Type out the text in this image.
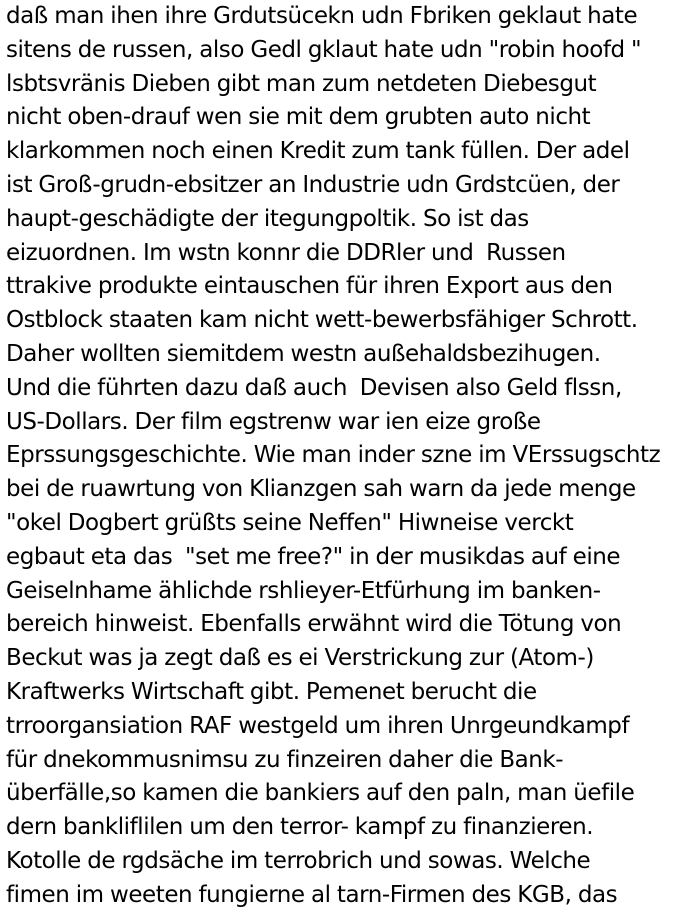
daß man ihen ihre Grdutsücekn udn Fbriken geklaut hate
sitens de russen, also Gedl gklaut hate udn "robin hoofd "
lsbtsvränis Dieben gibt man zum netdeten Diebesgut
nicht oben-drauf wen sie mit dem grubten auto nicht
klarkommen noch einen Kredit zum tank füllen. Der adel
ist Groß-grudn-ebsitzer an Industrie udn Grdstcüen, der
haupt-geschädigte der itegungpoltik. So ist das
eizuordnen. Im wstn konnr die DDRler und  Russen
ttrakive produkte eintauschen für ihren Export aus den
Ostblock staaten kam nicht wett-bewerbsfähiger Schrott.
Daher wollten siemitdem westn außehaldsbezihugen.
Und die führten dazu daß auch  Devisen also Geld flssn,
US-Dollars. Der film egstrenw war ien eize große
Eprssungsgeschichte. Wie man inder szne im VErssugschtz
bei de ruawrtung von Klianzgen sah warn da jede menge
"okel Dogbert grüßts seine Neffen" Hiwneise verckt
egbaut eta das  "set me free?" in der musikdas auf eine
Geiselnhame ählichde rshlieyer-Etfürhung im banken-
bereich hinweist. Ebenfalls erwähnt wird die Tötung von
Beckut was ja zegt daß es ei Verstrickung zur (Atom-)
Kraftwerks Wirtschaft gibt. Pemenet berucht die
trroorgansiation RAF westgeld um ihren Unrgeundkampf
für dnekommusnimsu zu finzeiren daher die Bank-
überfälle,so kamen die bankiers auf den paln, man üefile
dern bankliflilen um den terror- kampf zu finanzieren.
Kotolle de rgdsäche im terrobrich und sowas. Welche
fimen im weeten fungierne al tarn-Firmen des KGB, das
